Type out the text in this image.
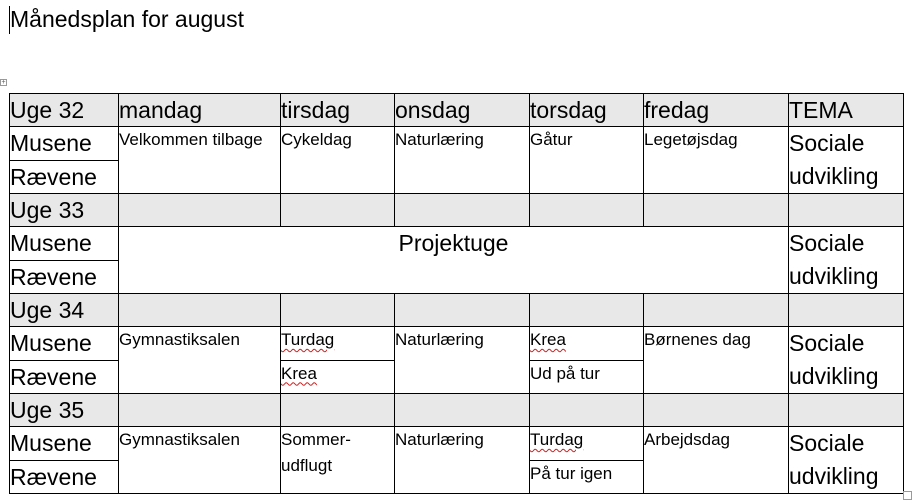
Månedsplan for august
+
Uge 32	mandag	tirsdag	onsdag	torsdag	fredag	TEMA
Musene	Velkommen tilbage	Cykeldag	Naturlæring	Gåtur	Legetøjsdag	Sociale udvikling
Rævene						
Uge 33						
Musene	Projektuge					Sociale udvikling
Rævene						
Uge 34						
Musene	Gymnastiksalen	Turdag	Naturlæring	Krea	Børnenes dag	Sociale udvikling
Rævene		Krea		Ud på tur		
Uge 35						
Musene	Gymnastiksalen	Sommer-udflugt	Naturlæring	Turdag	Arbejdsdag	Sociale udvikling
Rævene				På tur igen		
